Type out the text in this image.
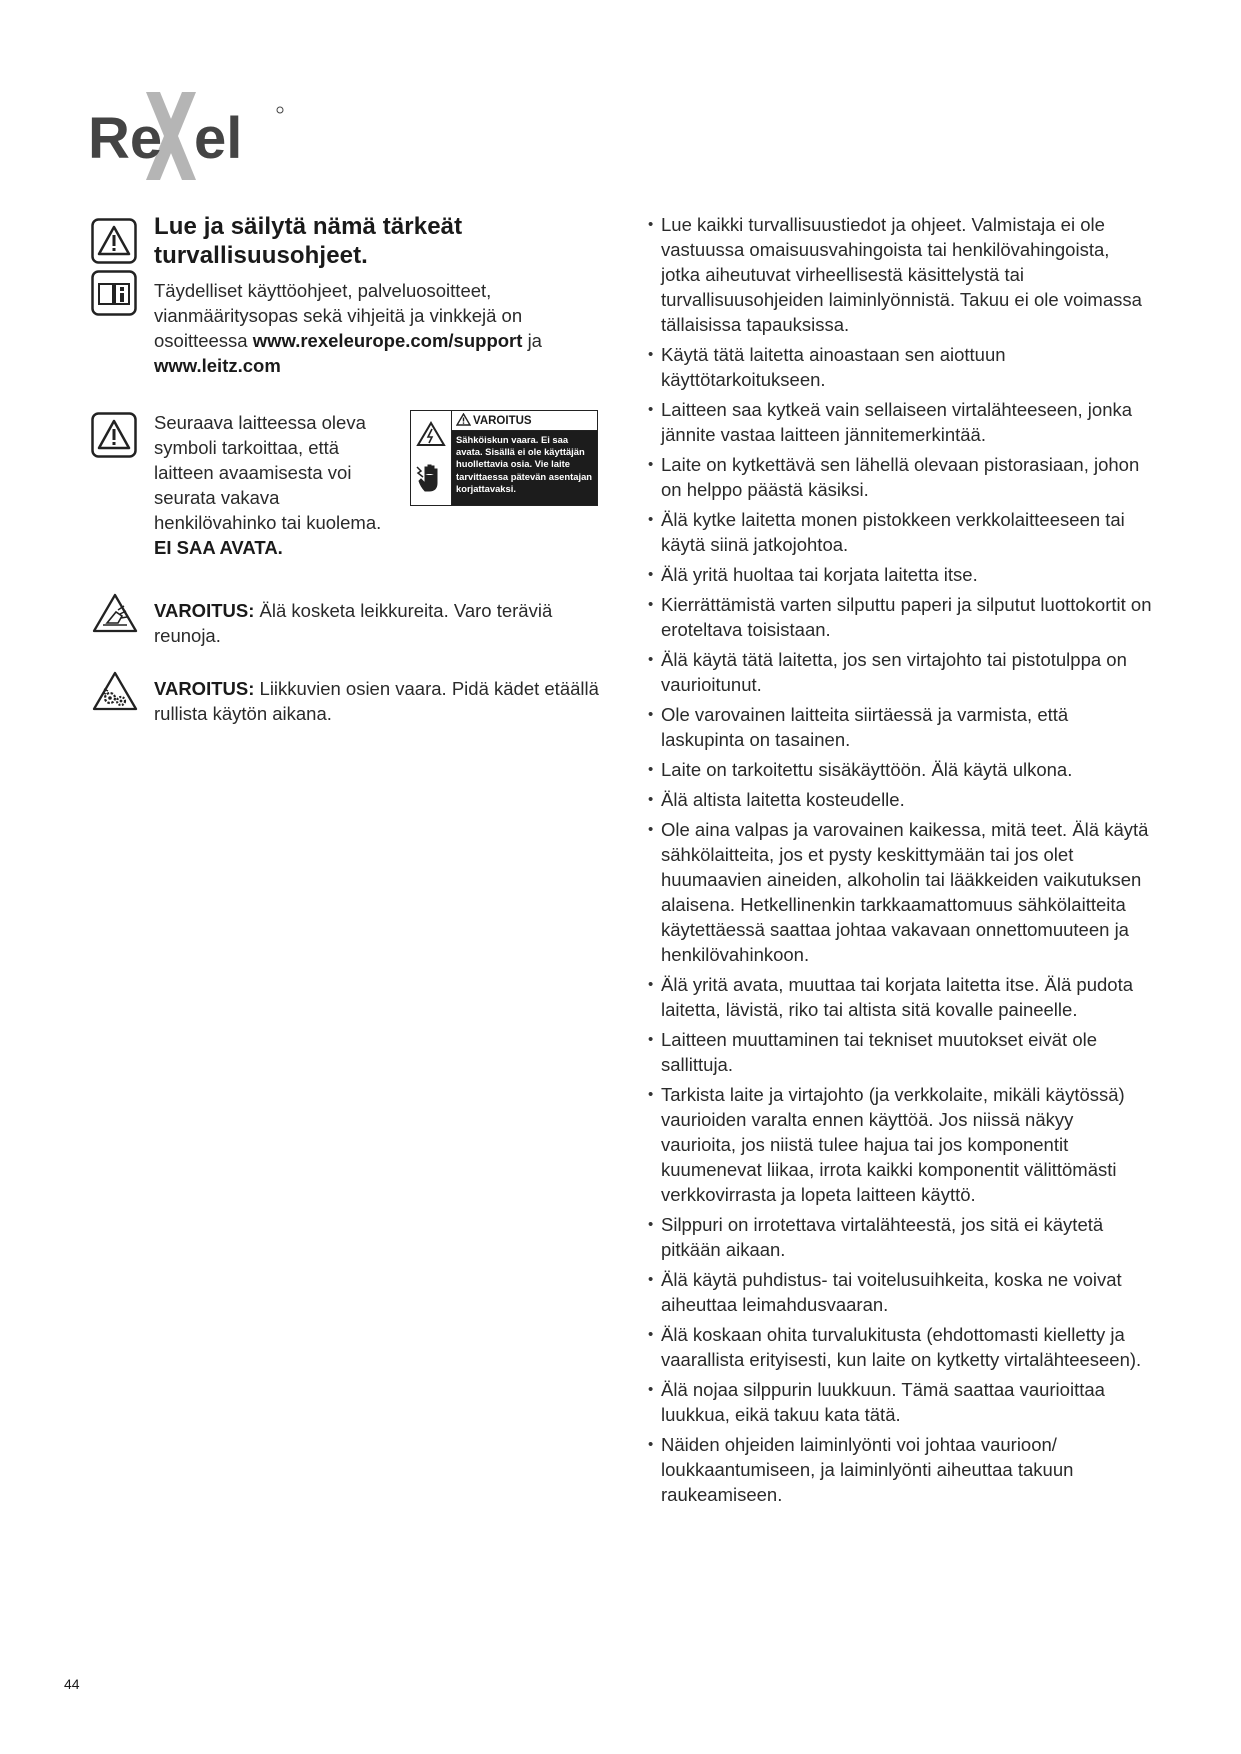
Re el
Lue ja säilytä nämä tärkeät turvallisuusohjeet.

Täydelliset käyttöohjeet, palveluosoitteet, vianmääritysopas sekä vihjeitä ja vinkkejä on osoitteessa www.rexeleurope.com/support ja www.leitz.com

Seuraava laitteessa oleva symboli tarkoittaa, että laitteen avaamisesta voi seurata vakava henkilövahinko tai kuolema. EI SAA AVATA.

VAROITUS
Sähköiskun vaara. Ei saa avata. Sisällä ei ole käyttäjän huollettavia osia. Vie laite tarvittaessa pätevän asentajan korjattavaksi.

VAROITUS: Älä kosketa leikkureita. Varo teräviä reunoja.

VAROITUS: Liikkuvien osien vaara. Pidä kädet etäällä rullista käytön aikana.

• Lue kaikki turvallisuustiedot ja ohjeet. Valmistaja ei ole vastuussa omaisuusvahingoista tai henkilövahingoista, jotka aiheutuvat virheellisestä käsittelystä tai turvallisuusohjeiden laiminlyönnistä. Takuu ei ole voimassa tällaisissa tapauksissa.
• Käytä tätä laitetta ainoastaan sen aiottuun käyttötarkoitukseen.
• Laitteen saa kytkeä vain sellaiseen virtalähteeseen, jonka jännite vastaa laitteen jännitemerkintää.
• Laite on kytkettävä sen lähellä olevaan pistorasiaan, johon on helppo päästä käsiksi.
• Älä kytke laitetta monen pistokkeen verkkolaitteeseen tai käytä siinä jatkojohtoa.
• Älä yritä huoltaa tai korjata laitetta itse.
• Kierrättämistä varten silputtu paperi ja silputut luottokortit on eroteltava toisistaan.
• Älä käytä tätä laitetta, jos sen virtajohto tai pistotulppa on vaurioitunut.
• Ole varovainen laitteita siirtäessä ja varmista, että laskupinta on tasainen.
• Laite on tarkoitettu sisäkäyttöön. Älä käytä ulkona.
• Älä altista laitetta kosteudelle.
• Ole aina valpas ja varovainen kaikessa, mitä teet. Älä käytä sähkölaitteita, jos et pysty keskittymään tai jos olet huumaavien aineiden, alkoholin tai lääkkeiden vaikutuksen alaisena. Hetkellinenkin tarkkaamattomuus sähkölaitteita käytettäessä saattaa johtaa vakavaan onnettomuuteen ja henkilövahinkoon.
• Älä yritä avata, muuttaa tai korjata laitetta itse. Älä pudota laitetta, lävistä, riko tai altista sitä kovalle paineelle.
• Laitteen muuttaminen tai tekniset muutokset eivät ole sallittuja.
• Tarkista laite ja virtajohto (ja verkkolaite, mikäli käytössä) vaurioiden varalta ennen käyttöä. Jos niissä näkyy vaurioita, jos niistä tulee hajua tai jos komponentit kuumenevat liikaa, irrota kaikki komponentit välittömästi verkkovirrasta ja lopeta laitteen käyttö.
• Silppuri on irrotettava virtalähteestä, jos sitä ei käytetä pitkään aikaan.
• Älä käytä puhdistus- tai voitelusuihkeita, koska ne voivat aiheuttaa leimahdusvaaran.
• Älä koskaan ohita turvalukitusta (ehdottomasti kielletty ja vaarallista erityisesti, kun laite on kytketty virtalähteeseen).
• Älä nojaa silppurin luukkuun. Tämä saattaa vaurioittaa luukkua, eikä takuu kata tätä.
• Näiden ohjeiden laiminlyönti voi johtaa vaurioon/ loukkaantumiseen, ja laiminlyönti aiheuttaa takuun raukeamiseen.
44
